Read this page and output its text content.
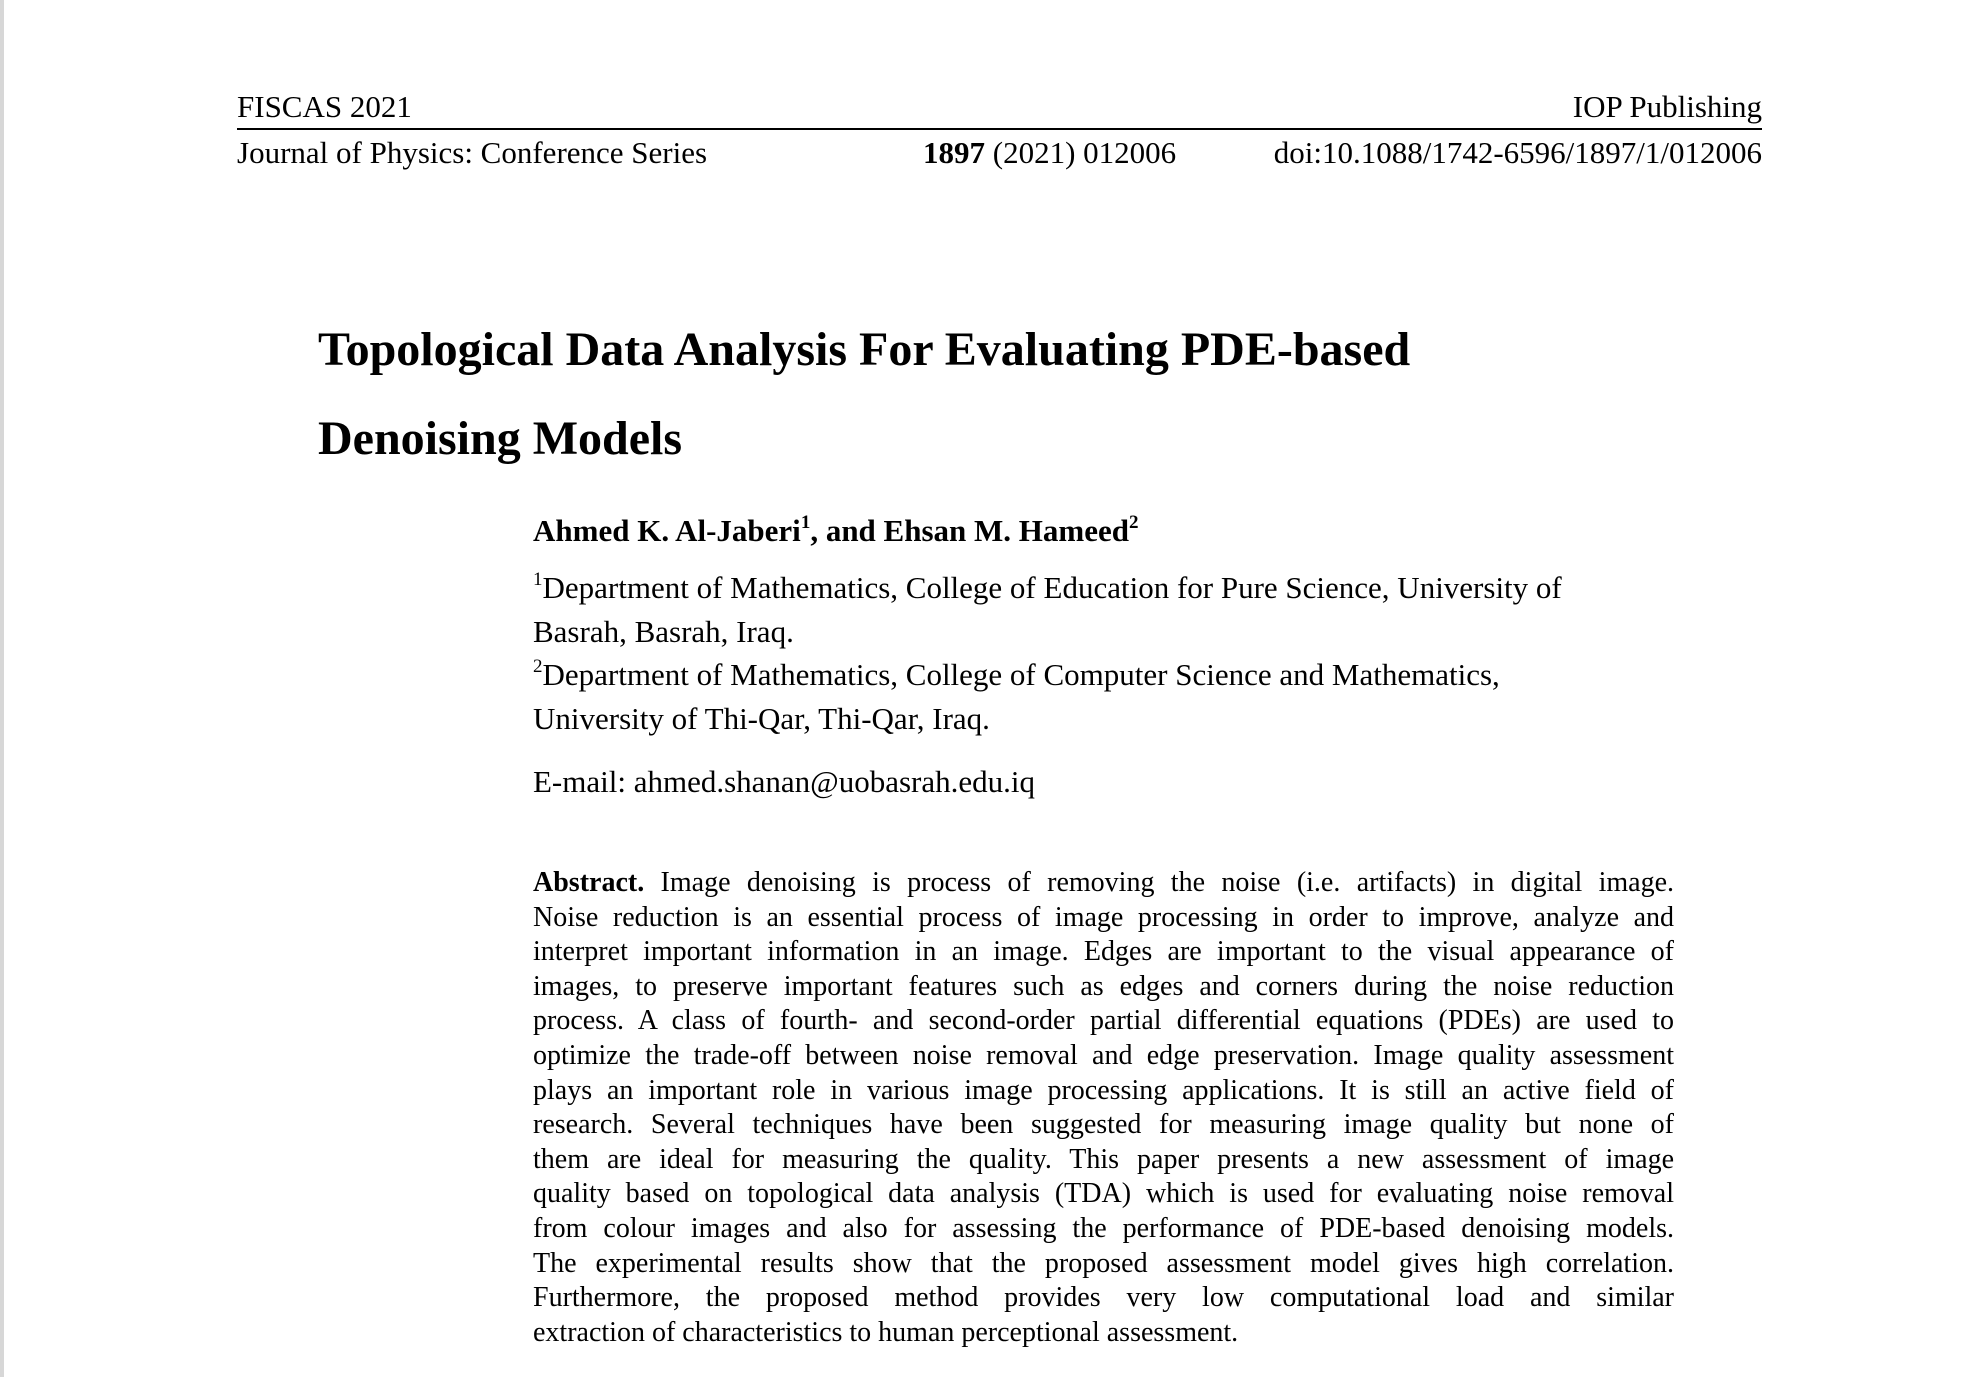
FISCAS 2021	IOP Publishing
Journal of Physics: Conference Series	1897 (2021) 012006	doi:10.1088/1742-6596/1897/1/012006
Topological Data Analysis For Evaluating PDE-based
Denoising Models
Ahmed K. Al-Jaberi$^1$, and Ehsan M. Hameed$^2$
$^1$Department of Mathematics, College of Education for Pure Science, University of
Basrah, Basrah, Iraq.
$^2$Department of Mathematics, College of Computer Science and Mathematics,
University of Thi-Qar, Thi-Qar, Iraq.
E-mail: ahmed.shanan@uobasrah.edu.iq
Abstract. Image denoising is process of removing the noise (i.e. artifacts) in digital image.
Noise reduction is an essential process of image processing in order to improve, analyze and
interpret important information in an image. Edges are important to the visual appearance of
images, to preserve important features such as edges and corners during the noise reduction
process. A class of fourth- and second-order partial differential equations (PDEs) are used to
optimize the trade-off between noise removal and edge preservation. Image quality assessment
plays an important role in various image processing applications. It is still an active field of
research. Several techniques have been suggested for measuring image quality but none of
them are ideal for measuring the quality. This paper presents a new assessment of image
quality based on topological data analysis (TDA) which is used for evaluating noise removal
from colour images and also for assessing the performance of PDE-based denoising models.
The experimental results show that the proposed assessment model gives high correlation.
Furthermore, the proposed method provides very low computational load and similar
extraction of characteristics to human perceptional assessment.
